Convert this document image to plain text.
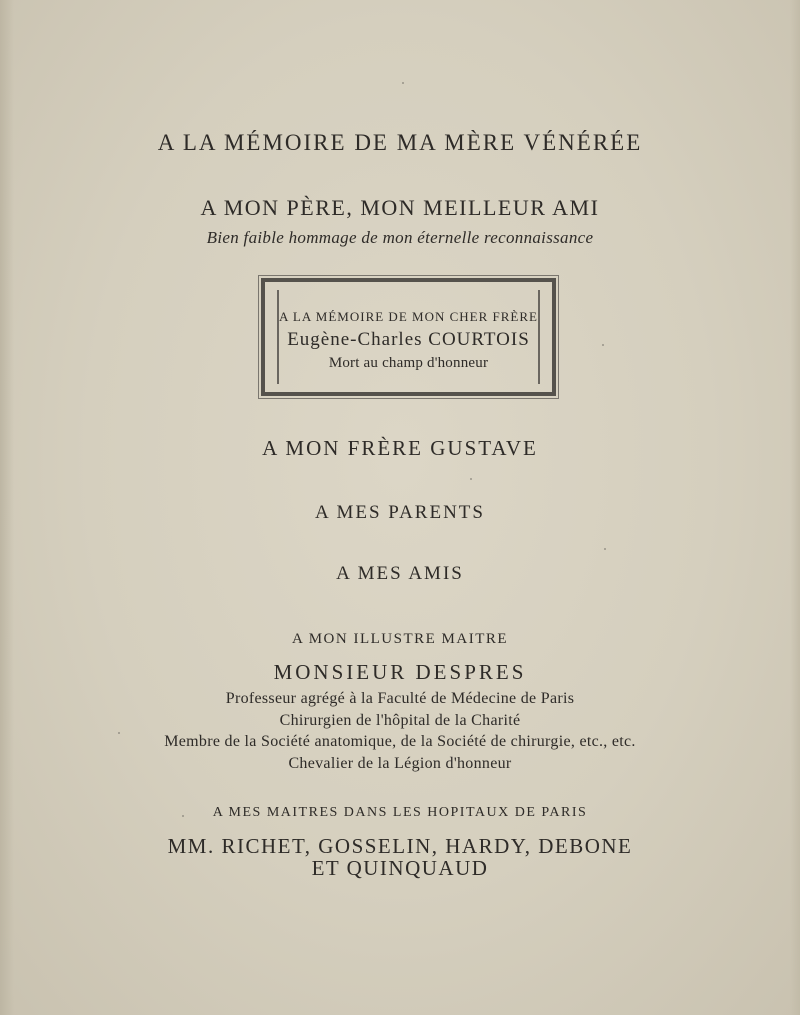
A LA MÉMOIRE DE MA MÈRE VÉNÉRÉE
A MON PÈRE, MON MEILLEUR AMI
Bien faible hommage de mon éternelle reconnaissance
A LA MÉMOIRE DE MON CHER FRÈRE
Eugène-Charles COURTOIS
Mort au champ d'honneur
A MON FRÈRE GUSTAVE
A MES PARENTS
A MES AMIS
A MON ILLUSTRE MAITRE
MONSIEUR DESPRES
Professeur agrégé à la Faculté de Médecine de Paris
Chirurgien de l'hôpital de la Charité
Membre de la Société anatomique, de la Société de chirurgie, etc., etc.
Chevalier de la Légion d'honneur
A MES MAITRES DANS LES HOPITAUX DE PARIS
MM. RICHET, GOSSELIN, HARDY, DEBONE
ET QUINQUAUD
